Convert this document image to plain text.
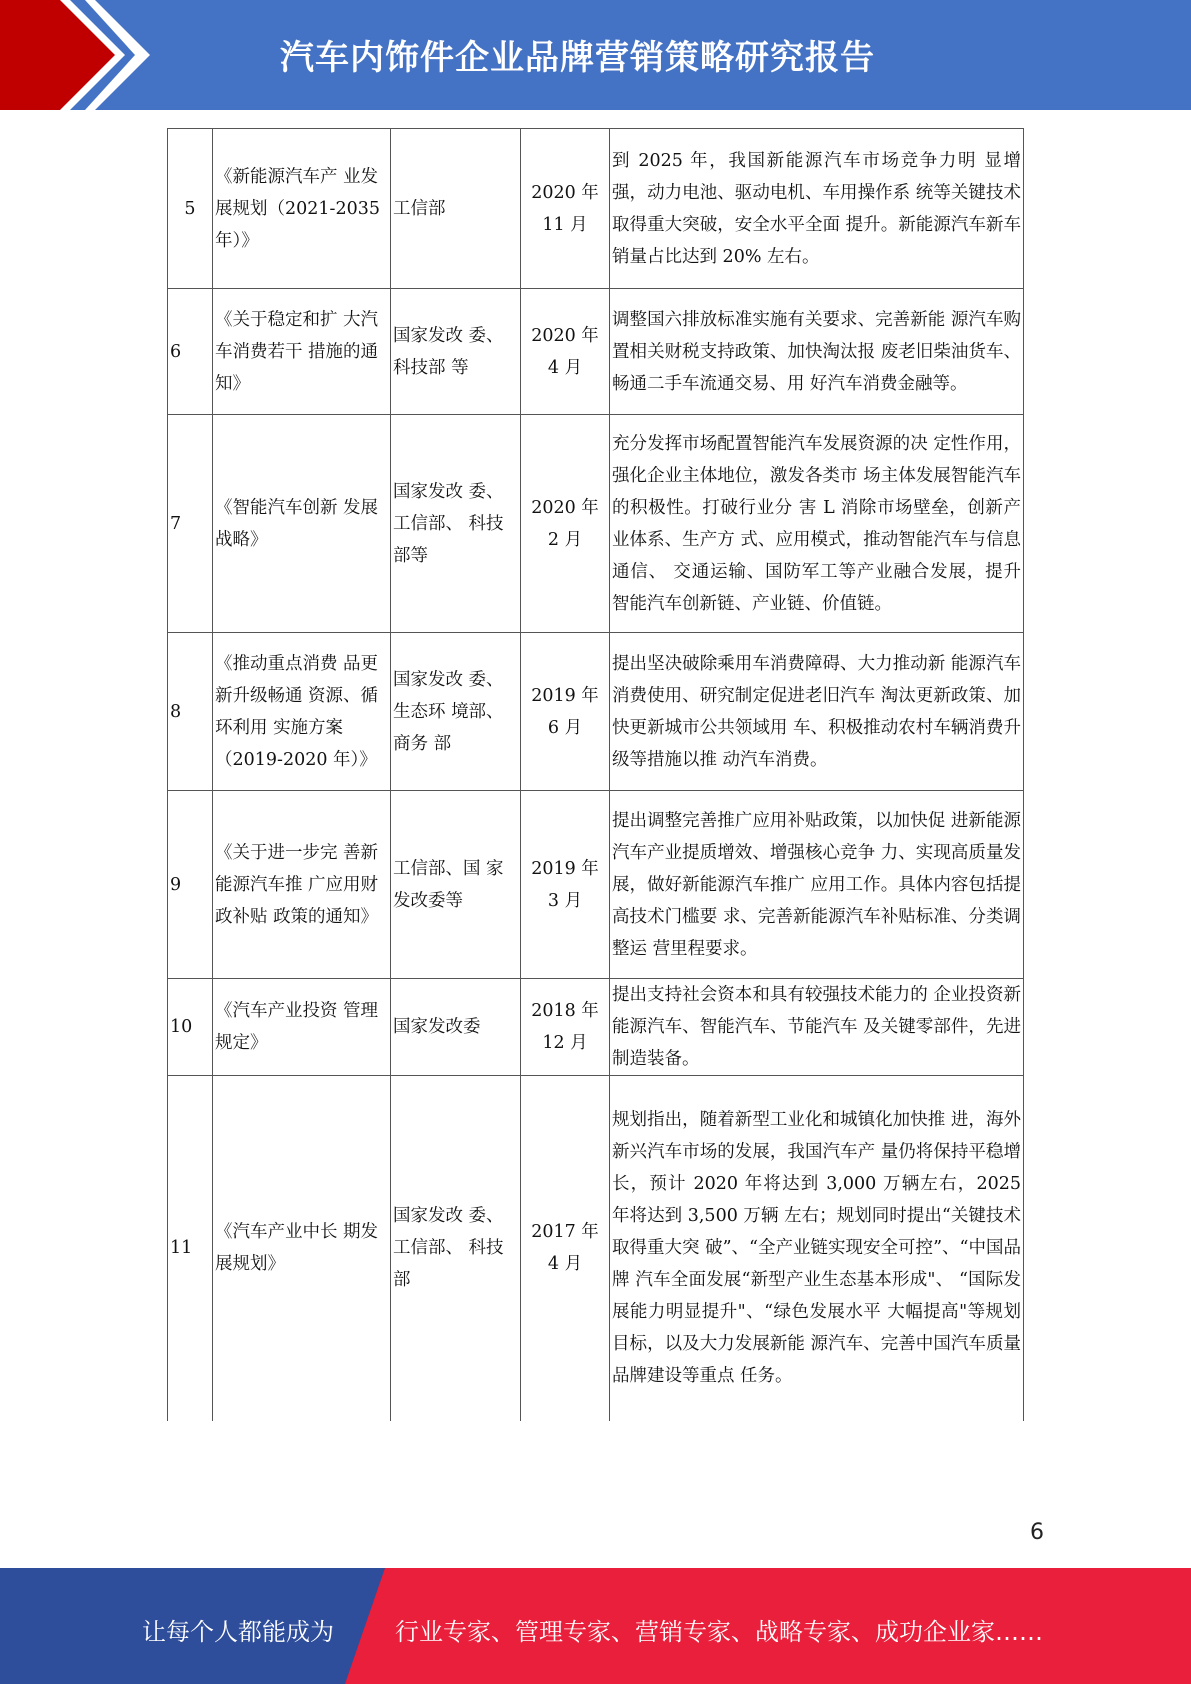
汽车内饰件企业品牌营销策略研究报告
5	《新能源汽车产 业发展规划（2021-2035 年）》	工信部	2020 年 11 月	到 2025 年，我国新能源汽车市场竞争力明 显增强，动力电池、驱动电机、车用操作系 统等关键技术取得重大突破，安全水平全面 提升。新能源汽车新车销量占比达到 20% 左右。
6	《关于稳定和扩 大汽车消费若干 措施的通知》	国家发改 委、科技部 等	2020 年 4 月	调整国六排放标准实施有关要求、完善新能 源汽车购置相关财税支持政策、加快淘汰报 废老旧柴油货车、畅通二手车流通交易、用 好汽车消费金融等。
7	《智能汽车创新 发展战略》	国家发改 委、工信部、 科技部等	2020 年 2 月	充分发挥市场配置智能汽车发展资源的决 定性作用，强化企业主体地位，激发各类市 场主体发展智能汽车的积极性。打破行业分 害 L 消除市场壁垒，创新产业体系、生产方 式、应用模式，推动智能汽车与信息通信、 交通运输、国防军工等产业融合发展，提升 智能汽车创新链、产业链、价值链。
8	《推动重点消费 品更新升级畅通 资源、循环利用 实施方案（2019-2020 年）》	国家发改 委、生态环 境部、商务 部	2019 年 6 月	提出坚决破除乘用车消费障碍、大力推动新 能源汽车消费使用、研究制定促进老旧汽车 淘汰更新政策、加快更新城市公共领域用 车、积极推动农村车辆消费升级等措施以推 动汽车消费。
9	《关于进一步完 善新能源汽车推 广应用财政补贴 政策的通知》	工信部、国 家发改委等	2019 年 3 月	提出调整完善推广应用补贴政策，以加快促 进新能源汽车产业提质增效、增强核心竞争 力、实现高质量发展，做好新能源汽车推广 应用工作。具体内容包括提高技术门槛要 求、完善新能源汽车补贴标准、分类调整运 营里程要求。
10	《汽车产业投资 管理规定》	国家发改委	2018 年 12 月	提出支持社会资本和具有较强技术能力的 企业投资新能源汽车、智能汽车、节能汽车 及关键零部件，先进制造装备。
11	《汽车产业中长 期发展规划》	国家发改 委、工信部、 科技部	2017 年 4 月	规划指出，随着新型工业化和城镇化加快推 进，海外新兴汽车市场的发展，我国汽车产 量仍将保持平稳增长，预计 2020 年将达到 3,000 万辆左右，2025 年将达到 3,500 万辆 左右；规划同时提出“关键技术取得重大突 破”、“全产业链实现安全可控”、“中国品牌 汽车全面发展“新型产业生态基本形成"、 “国际发展能力明显提升"、“绿色发展水平 大幅提高"等规划目标，以及大力发展新能 源汽车、完善中国汽车质量品牌建设等重点 任务。
6
让每个人都能成为	行业专家、管理专家、营销专家、战略专家、成功企业家……
